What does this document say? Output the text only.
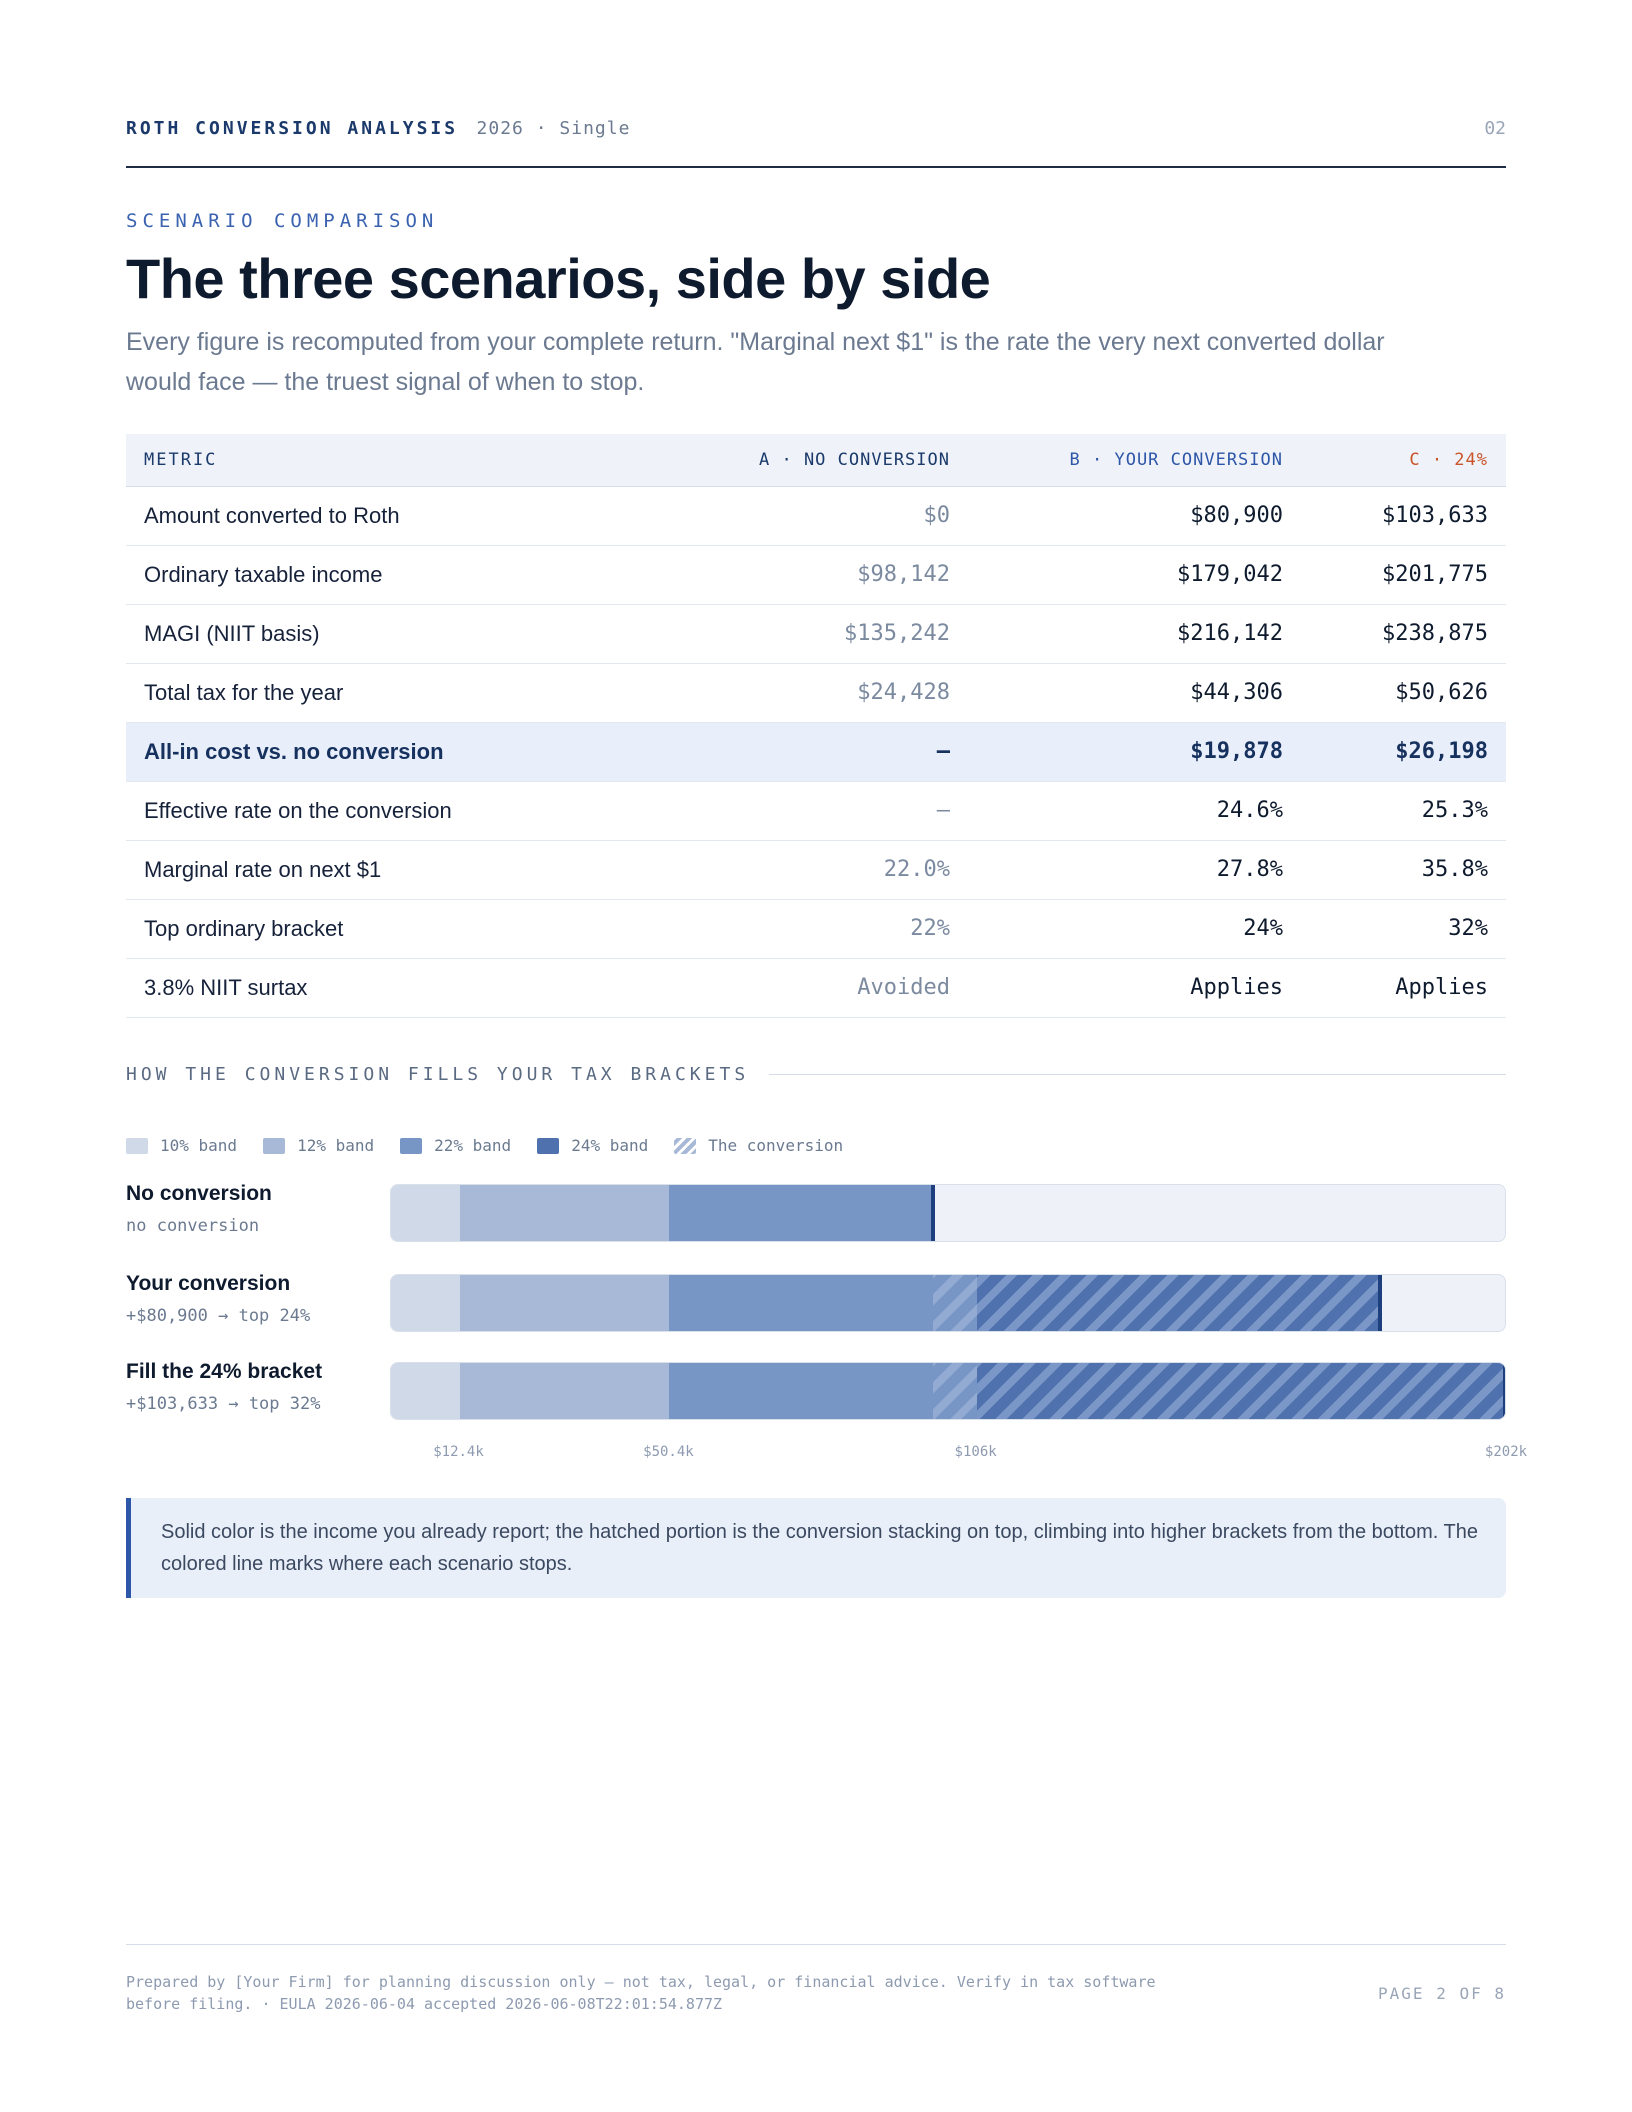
ROTH CONVERSION ANALYSIS 2026 · Single	02
SCENARIO COMPARISON
The three scenarios, side by side

Every figure is recomputed from your complete return. "Marginal next $1" is the rate the very next converted dollar would face — the truest signal of when to stop.

METRIC	A · NO CONVERSION	B · YOUR CONVERSION	C · 24%
Amount converted to Roth	$0	$80,900	$103,633
Ordinary taxable income	$98,142	$179,042	$201,775
MAGI (NIIT basis)	$135,242	$216,142	$238,875
Total tax for the year	$24,428	$44,306	$50,626
All-in cost vs. no conversion	—	$19,878	$26,198
Effective rate on the conversion	—	24.6%	25.3%
Marginal rate on next $1	22.0%	27.8%	35.8%
Top ordinary bracket	22%	24%	32%
3.8% NIIT surtax	Avoided	Applies	Applies
HOW THE CONVERSION FILLS YOUR TAX BRACKETS
10% band	12% band	22% band	24% band	The conversion
No conversion
no conversion
Your conversion
+$80,900 → top 24%
Fill the 24% bracket
+$103,633 → top 32%
$12.4k	$50.4k	$106k	$202k
Solid color is the income you already report; the hatched portion is the conversion stacking on top, climbing into higher brackets from the bottom. The colored line marks where each scenario stops.
Prepared by [Your Firm] for planning discussion only — not tax, legal, or financial advice. Verify in tax software before filing. · EULA 2026-06-04 accepted 2026-06-08T22:01:54.877Z
PAGE 2 OF 8
